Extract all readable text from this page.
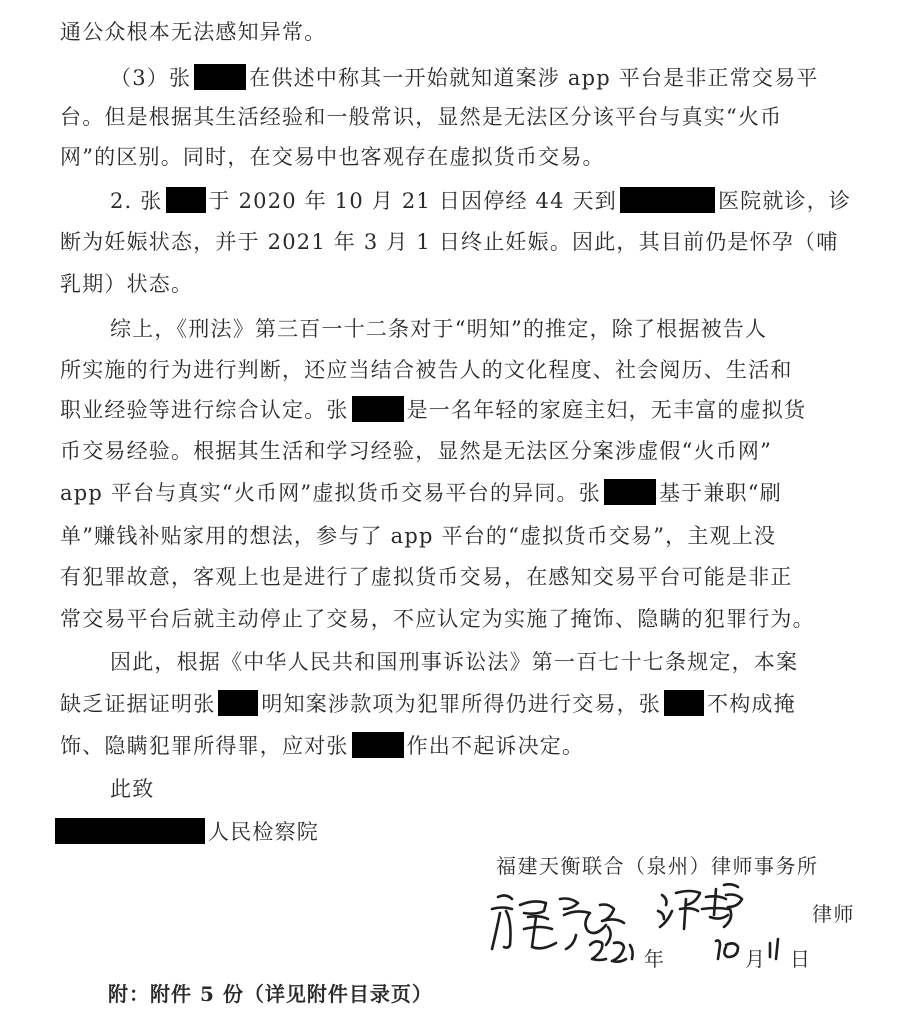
通公众根本无法感知异常。
（3）张	在供述中称其一开始就知道案涉 app 平台是非正常交易平
台。但是根据其生活经验和一般常识，显然是无法区分该平台与真实“火币
网”的区别。同时，在交易中也客观存在虚拟货币交易。
2. 张 于 2020 年 10 月 21 日因停经 44 天到	医院就诊，诊
断为妊娠状态，并于 2021 年 3 月 1 日终止妊娠。因此，其目前仍是怀孕（哺
乳期）状态。
综上，《刑法》第三百一十二条对于“明知”的推定，除了根据被告人
所实施的行为进行判断，还应当结合被告人的文化程度、社会阅历、生活和
职业经验等进行综合认定。张	是一名年轻的家庭主妇，无丰富的虚拟货
币交易经验。根据其生活和学习经验，显然是无法区分案涉虚假“火币网”
app 平台与真实“火币网”虚拟货币交易平台的异同。张	基于兼职“刷
单”赚钱补贴家用的想法，参与了 app 平台的“虚拟货币交易”，主观上没
有犯罪故意，客观上也是进行了虚拟货币交易，在感知交易平台可能是非正
常交易平台后就主动停止了交易，不应认定为实施了掩饰、隐瞒的犯罪行为。
因此，根据《中华人民共和国刑事诉讼法》第一百七十七条规定，本案
缺乏证据证明张 明知案涉款项为犯罪所得仍进行交易，张 不构成掩
饰、隐瞒犯罪所得罪，应对张	作出不起诉决定。
此致
人民检察院
福建天衡联合（泉州）律师事务所
律师
年	月 日
附：附件 5 份（详见附件目录页）
